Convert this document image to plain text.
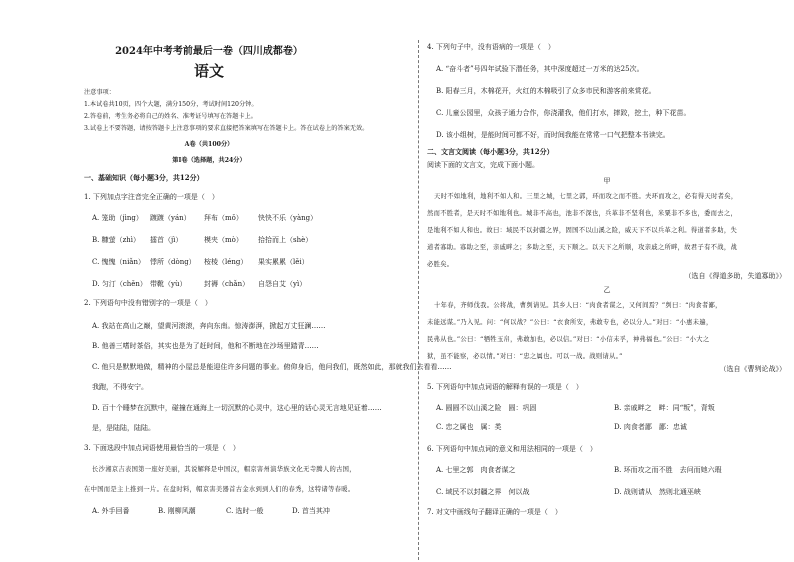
2024年中考考前最后一卷（四川成都卷）
语文
注意事项：
1.本试卷共10页，四个大题，满分150分，考试时间120分钟。
2.答卷前，考生务必将自己的姓名、准考证号填写在答题卡上。
3.试卷上不要答题，请按答题卡上注意事项的要求直接把答案填写在答题卡上。答在试卷上的答案无效。
A卷（共100分）
第Ⅰ卷（选择题，共24分）
一、基础知识（每小题3分，共12分）
1. 下列加点字注音完全正确的一项是（　）
A. 笼助（jìng） 踱踱（yán） 拜布（mǒ） 快快不乐（yàng）
B. 糠萤（zhì） 擂首（jì）	模夹（mò） 拾拾而上（shè）
C. 愧愧（niǎn） 悸所（dòng） 桉棱（léng） 果实累累（lěi）
D. 匀汀（chěn） 带靴（yù）	封褥（chǎn） 自怨自艾（yì）
2. 下列语句中没有错别字的一项是（　）
A. 我站在高山之巅，望黄河滚滚，奔向东南。惊涛澎湃，掀起万丈狂澜……
B. 他善三嗜时茶俗，其实也是为了赶时间，他和不断地在沙场里踏青……
C. 他只是默默地做，精神的小屋总是能迎住许多问题的事业。俯仰身后，他问我们，既然如此，那就我们去看看……
我跑，不得安宁。
D. 百十个睡梦在沉默中，碰撞在通海上一切沉默的心灵中，这心里的话心灵无言地见证着……
是，是陆陆，陆陆。
3. 下面选段中加点词语使用最恰当的一项是（　）
长沙湘京吉表国第一座好美丽，其说解释是中国汉，帽京害州演华族文化无寺腾人的古国，
在中国而是主上推到一片。在盘时料，帽京害美器首古金水到到人们的春秀，这特诸等春暖。
A. 外手回番	B. 刚柳风潮	C. 选时一般	D. 首当其冲
4. 下列句子中，没有语病的一项是（　）
A. “奋斗者”号四年试验下潜任务，其中深度超过一万米的达25次。
B. 阳春三月，木棉花开，火红的木棉吸引了众多市民和游客前来赏花。
C. 儿童公园里，众孩子通力合作，你浇灌我，他们打水，摔跤，挖土，种下花苗。
D. 该小组树，是能时间可都不好，而时间我能在常常一口气把整本书读完。
二、文言文阅读（每小题3分，共12分）
阅读下面的文言文，完成下面小题。
甲
天时不如地利，地利不如人和。三里之城，七里之郭，环而攻之而不胜。夫环而攻之，必有得天时者矣，
然而不胜者，是天时不如地利也。城非不高也，池非不深也，兵革非不坚利也，米粟非不多也，委而去之，
是地利不如人和也。故曰：域民不以封疆之界，固国不以山溪之险，威天下不以兵革之利。得道者多助，失
道者寡助。寡助之至，亲戚畔之；多助之至，天下顺之。以天下之所顺，攻亲戚之所畔，故君子有不战，战
必胜矣。
（选自《得道多助，失道寡助》）
乙
十年春，齐师伐我。公将战，曹刿请见。其乡人曰：“肉食者谋之，又何间焉？”刿曰：“肉食者鄙，
未能远谋。”乃入见。问：“何以战？”公曰：“衣食所安，弗敢专也，必以分人。”对曰：“小惠未遍，
民弗从也。”公曰：“牺牲玉帛，弗敢加也，必以信。”对曰：“小信未孚，神弗福也。”公曰：“小大之
狱，虽不能察，必以情。”对曰：“忠之属也。可以一战。战则请从。”
（选自《曹刿论战》）
5. 下列语句中加点词语的解释有误的一项是（　）
A. 圆圆不以山溪之险　圆：巩固	B. 亲戚畔之　畔：同“叛”，背叛
C. 忠之属也　属：类	D. 肉食者鄙　鄙：忠诚
6. 下列语句中加点词的意义和用法相同的一项是（　）
A. 七里之郭　肉食者谋之	B. 环而攻之而不胜　去问而她六瑕
C. 域民不以封疆之界　何以战	D. 战则请从　然则北通巫峡
7. 对文中画线句子翻译正确的一项是（　）
